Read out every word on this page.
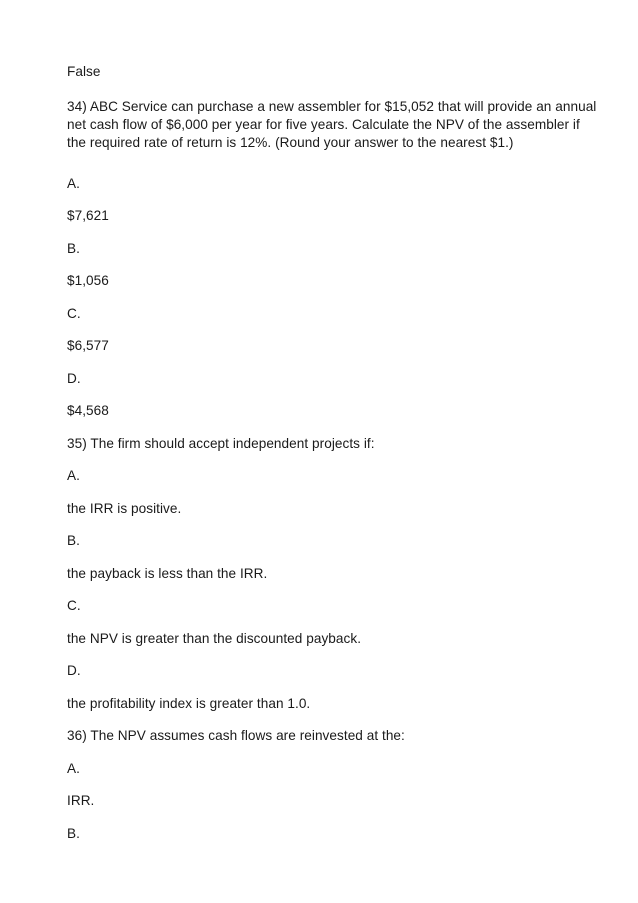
False
34) ABC Service can purchase a new assembler for $15,052 that will provide an annual net cash flow of $6,000 per year for five years. Calculate the NPV of the assembler if the required rate of return is 12%. (Round your answer to the nearest $1.)
A.
$7,621
B.
$1,056
C.
$6,577
D.
$4,568
35) The firm should accept independent projects if:
A.
the IRR is positive.
B.
the payback is less than the IRR.
C.
the NPV is greater than the discounted payback.
D.
the profitability index is greater than 1.0.
36) The NPV assumes cash flows are reinvested at the:
A.
IRR.
B.
